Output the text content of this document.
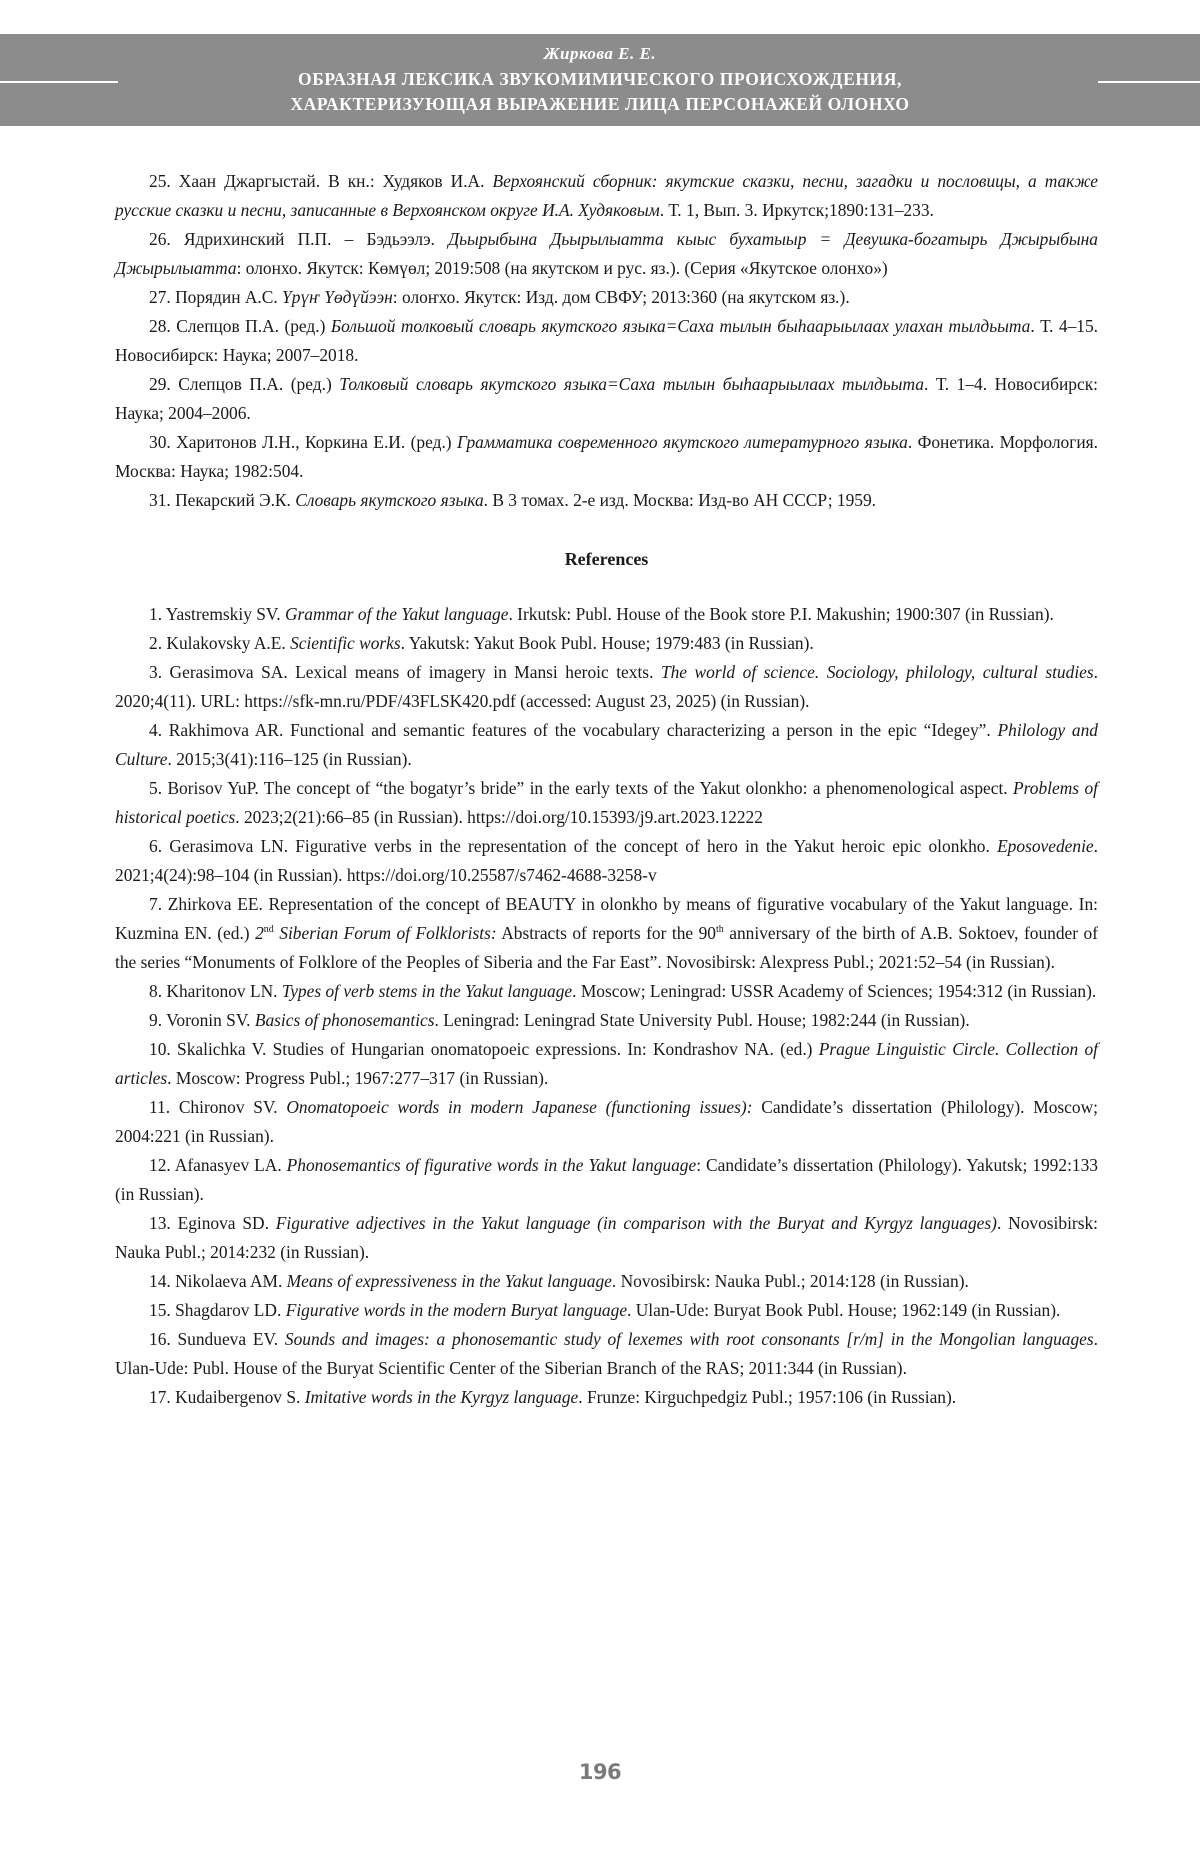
Жиркова Е. Е.
ОБРАЗНАЯ ЛЕКСИКА ЗВУКОМИМИЧЕСКОГО ПРОИСХОЖДЕНИЯ,
ХАРАКТЕРИЗУЮЩАЯ ВЫРАЖЕНИЕ ЛИЦА ПЕРСОНАЖЕЙ ОЛОНХО

25. Хаан Джаргыстай. В кн.: Худяков И.А. Верхоянский сборник: якутские сказки, песни, загадки и пословицы, а также русские сказки и песни, записанные в Верхоянском округе И.А. Худяковым. Т. 1, Вып. 3. Иркутск;1890:131–233.

26. Ядрихинский П.П. – Бэдьээлэ. Дьырыбына Дьырылыатта кыыс бухатыыр = Девушка-богатырь Джырыбына Джырылыатта: олонхо. Якутск: Көмүөл; 2019:508 (на якутском и рус. яз.). (Серия «Якутское олонхо»)

27. Порядин А.С. Үрүҥ Үөдүйээн: олоҥхо. Якутск: Изд. дом СВФУ; 2013:360 (на якутском яз.).

28. Слепцов П.А. (ред.) Большой толковый словарь якутского языка=Саха тылын быһаарыылаах улахан тылдьыта. Т. 4–15. Новосибирск: Наука; 2007–2018.

29. Слепцов П.А. (ред.) Толковый словарь якутского языка=Саха тылын быһаарыылаах тылдьыта. Т. 1–4. Новосибирск: Наука; 2004–2006.

30. Харитонов Л.Н., Коркина Е.И. (ред.) Грамматика современного якутского литературного языка. Фонетика. Морфология. Москва: Наука; 1982:504.

31. Пекарский Э.К. Словарь якутского языка. В 3 томах. 2-е изд. Москва: Изд-во АН СССР; 1959.

References

1. Yastremskiy SV. Grammar of the Yakut language. Irkutsk: Publ. House of the Book store P.I. Makushin; 1900:307 (in Russian).

2. Kulakovsky A.E. Scientific works. Yakutsk: Yakut Book Publ. House; 1979:483 (in Russian).

3. Gerasimova SA. Lexical means of imagery in Mansi heroic texts. The world of science. Sociology, philology, cultural studies. 2020;4(11). URL: https://sfk-mn.ru/PDF/43FLSK420.pdf (accessed: August 23, 2025) (in Russian).

4. Rakhimova AR. Functional and semantic features of the vocabulary characterizing a person in the epic “Idegey”. Philology and Culture. 2015;3(41):116–125 (in Russian).

5. Borisov YuP. The concept of “the bogatyr’s bride” in the early texts of the Yakut olonkho: a phenomenological aspect. Problems of historical poetics. 2023;2(21):66–85 (in Russian). https://doi.org/10.15393/j9.art.2023.12222

6. Gerasimova LN. Figurative verbs in the representation of the concept of hero in the Yakut heroic epic olonkho. Eposovedenie. 2021;4(24):98–104 (in Russian). https://doi.org/10.25587/s7462-4688-3258-v

7. Zhirkova EE. Representation of the concept of BEAUTY in olonkho by means of figurative vocabulary of the Yakut language. In: Kuzmina EN. (ed.) 2nd Siberian Forum of Folklorists: Abstracts of reports for the 90th anniversary of the birth of A.B. Soktoev, founder of the series “Monuments of Folklore of the Peoples of Siberia and the Far East”. Novosibirsk: Alexpress Publ.; 2021:52–54 (in Russian).

8. Kharitonov LN. Types of verb stems in the Yakut language. Moscow; Leningrad: USSR Academy of Sciences; 1954:312 (in Russian).

9. Voronin SV. Basics of phonosemantics. Leningrad: Leningrad State University Publ. House; 1982:244 (in Russian).

10. Skalichka V. Studies of Hungarian onomatopoeic expressions. In: Kondrashov NA. (ed.) Prague Linguistic Circle. Collection of articles. Moscow: Progress Publ.; 1967:277–317 (in Russian).

11. Chironov SV. Onomatopoeic words in modern Japanese (functioning issues): Candidate’s dissertation (Philology). Moscow; 2004:221 (in Russian).

12. Afanasyev LA. Phonosemantics of figurative words in the Yakut language: Candidate’s dissertation (Philology). Yakutsk; 1992:133 (in Russian).

13. Eginova SD. Figurative adjectives in the Yakut language (in comparison with the Buryat and Kyrgyz languages). Novosibirsk: Nauka Publ.; 2014:232 (in Russian).

14. Nikolaeva AM. Means of expressiveness in the Yakut language. Novosibirsk: Nauka Publ.; 2014:128 (in Russian).

15. Shagdarov LD. Figurative words in the modern Buryat language. Ulan-Ude: Buryat Book Publ. House; 1962:149 (in Russian).

16. Sundueva EV. Sounds and images: a phonosemantic study of lexemes with root consonants [r/m] in the Mongolian languages. Ulan-Ude: Publ. House of the Buryat Scientific Center of the Siberian Branch of the RAS; 2011:344 (in Russian).

17. Kudaibergenov S. Imitative words in the Kyrgyz language. Frunze: Kirguchpedgiz Publ.; 1957:106 (in Russian).

196
